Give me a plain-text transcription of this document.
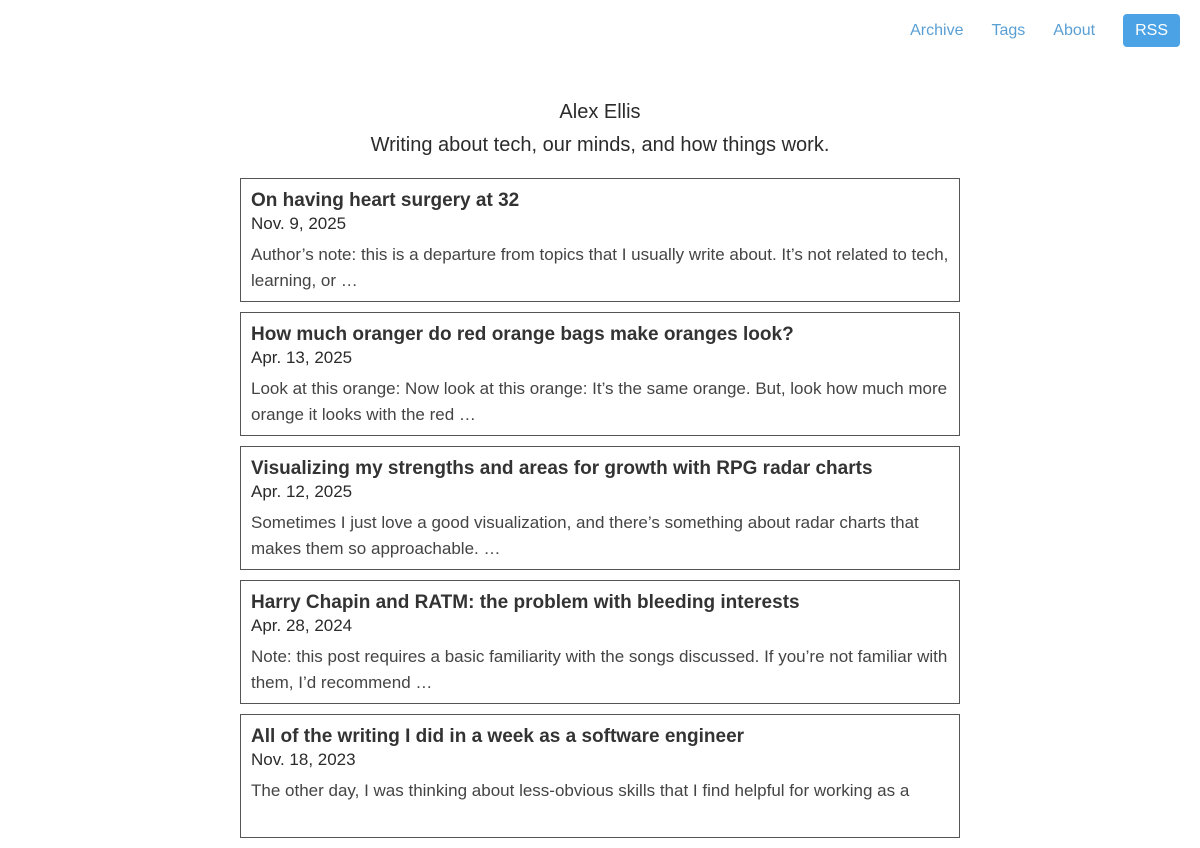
Archive Tags About	RSS
Alex Ellis

Writing about tech, our minds, and how things work.

On having heart surgery at 32
Nov. 9, 2025

Author’s note: this is a departure from topics that I usually write about. It’s not related to tech, learning, or …

How much oranger do red orange bags make oranges look?
Apr. 13, 2025

Look at this orange: Now look at this orange: It’s the same orange. But, look how much more orange it looks with the red …

Visualizing my strengths and areas for growth with RPG radar charts
Apr. 12, 2025

Sometimes I just love a good visualization, and there’s something about radar charts that makes them so approachable. …

Harry Chapin and RATM: the problem with bleeding interests
Apr. 28, 2024

Note: this post requires a basic familiarity with the songs discussed. If you’re not familiar with them, I’d recommend …

All of the writing I did in a week as a software engineer
Nov. 18, 2023

The other day, I was thinking about less-obvious skills that I find helpful for working as a
